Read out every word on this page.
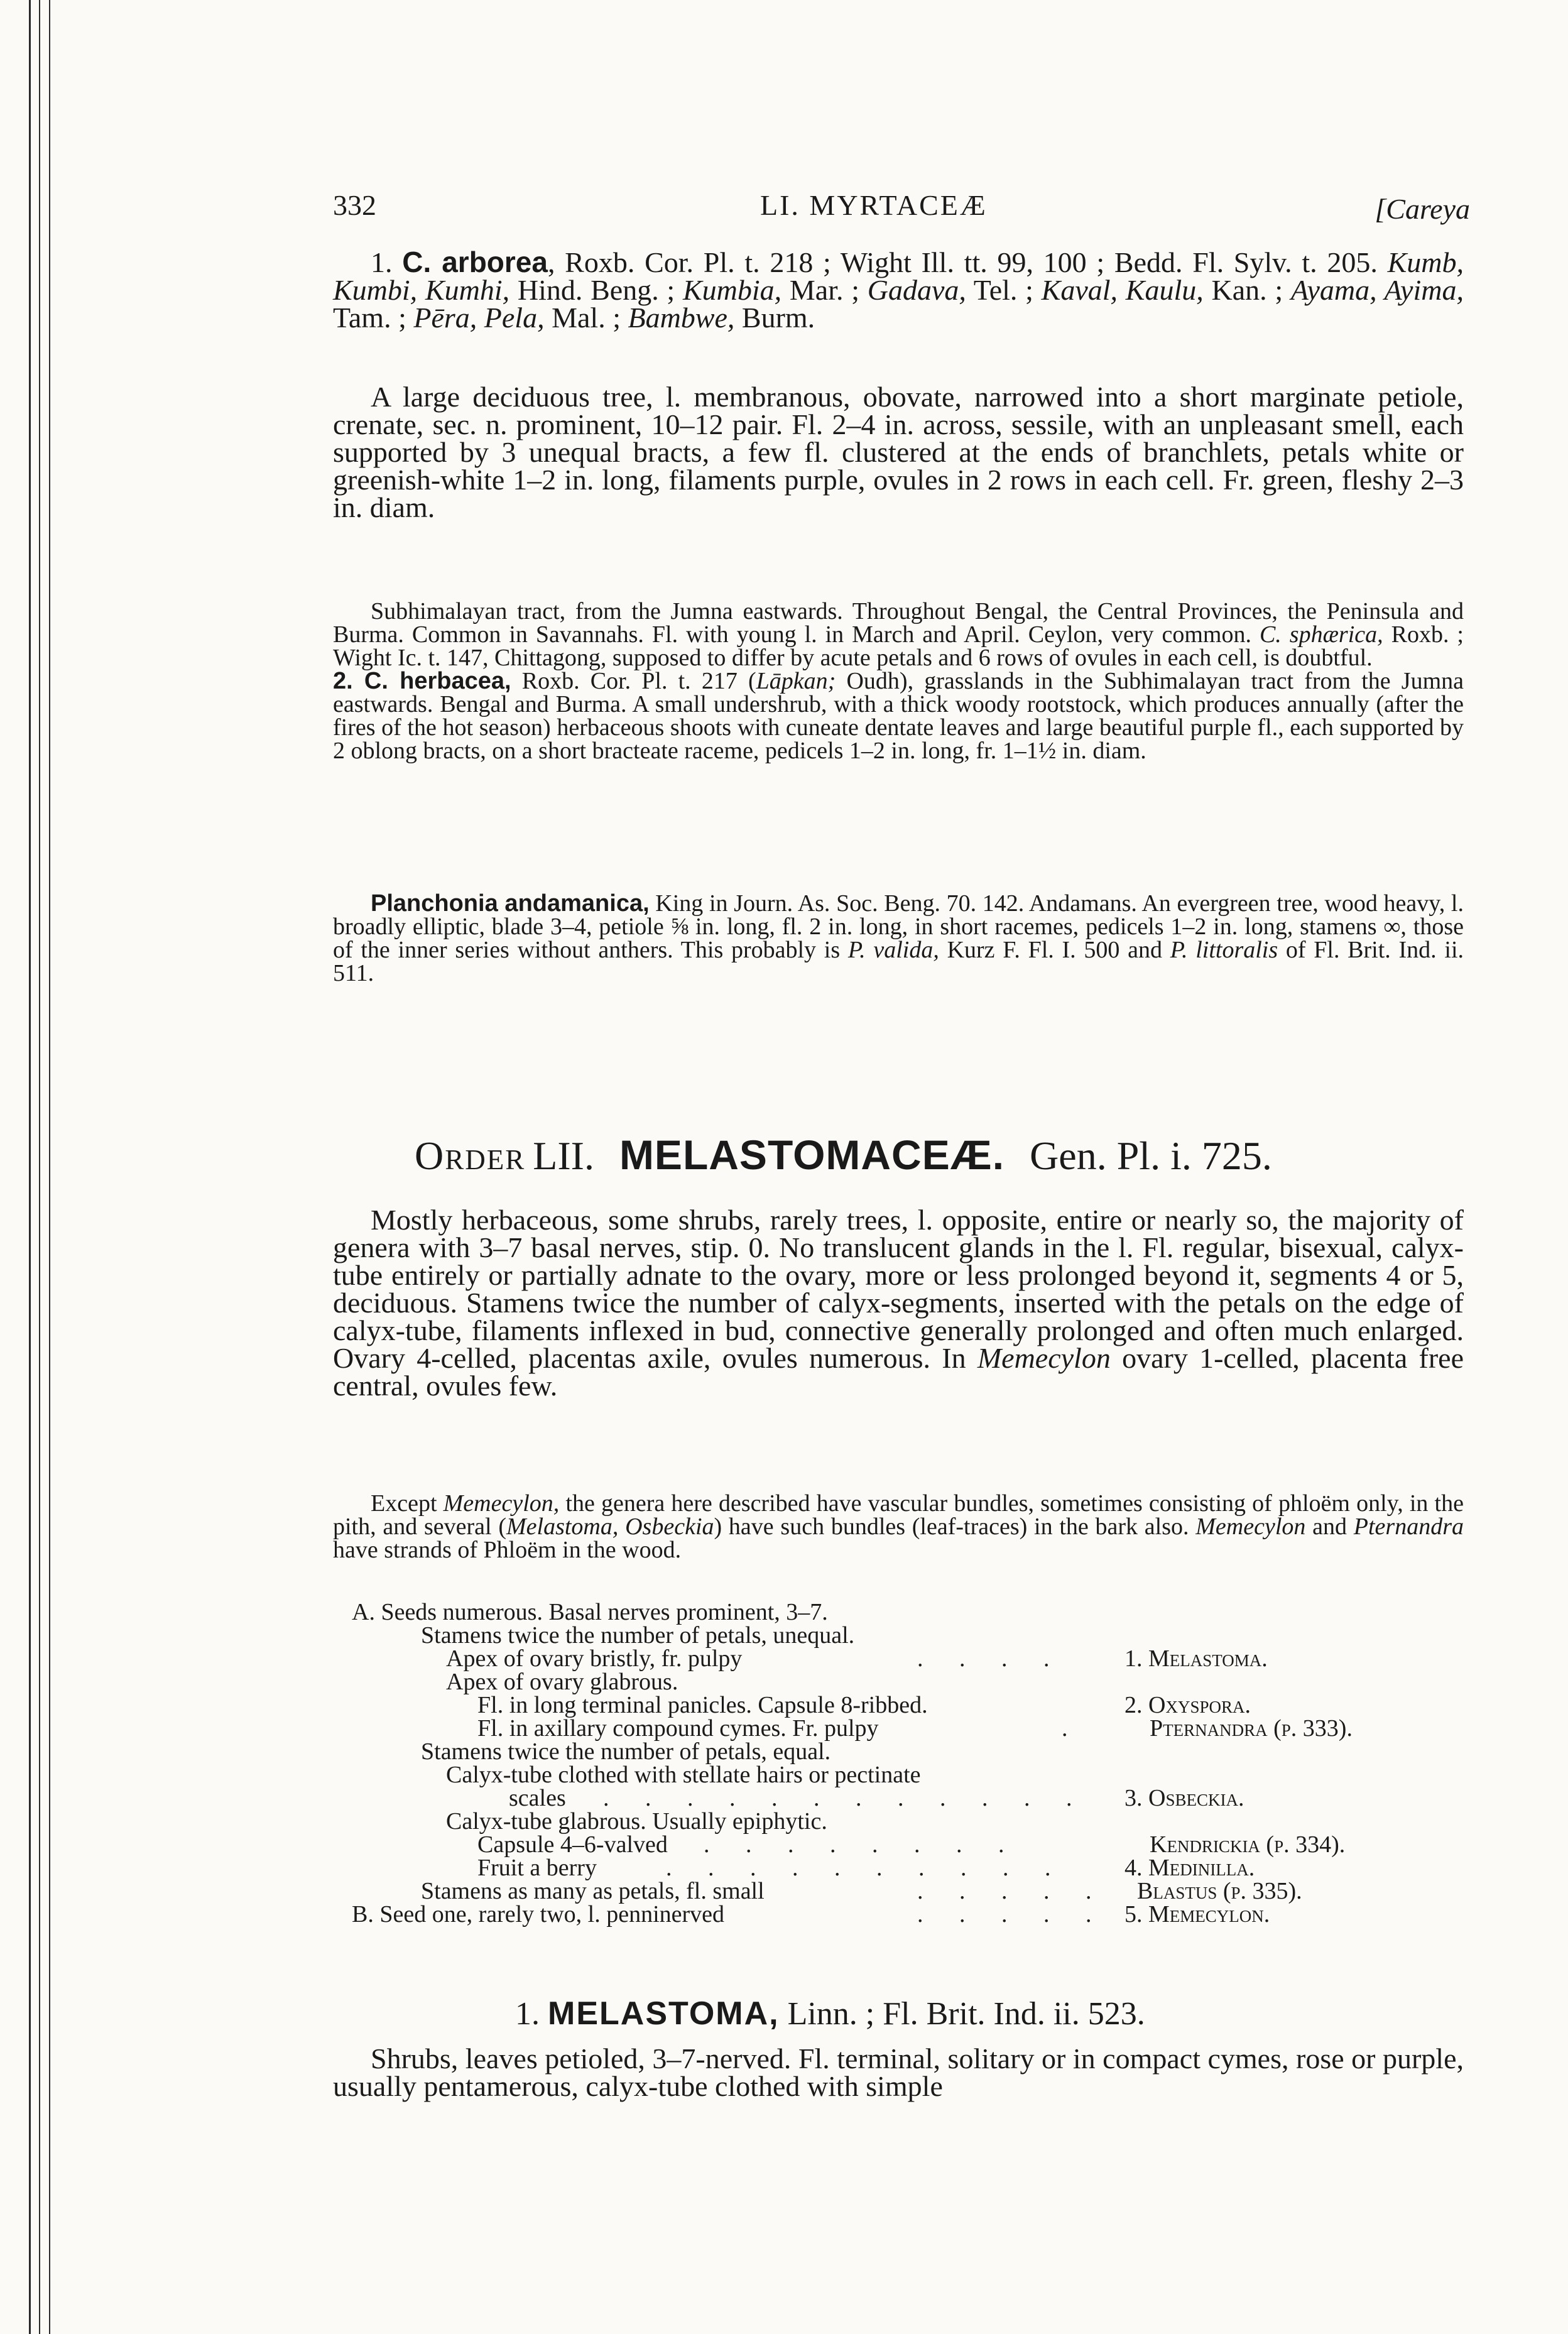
332	LI. MYRTACEÆ	[Careya

1. C. arborea, Roxb. Cor. Pl. t. 218 ; Wight Ill. tt. 99, 100 ; Bedd. Fl. Sylv. t. 205. Kumb, Kumbi, Kumhi, Hind. Beng. ; Kumbia, Mar. ; Gadava, Tel. ; Kaval, Kaulu, Kan. ; Ayama, Ayima, Tam. ; Pēra, Pela, Mal. ; Bambwe, Burm.

A large deciduous tree, l. membranous, obovate, narrowed into a short marginate petiole, crenate, sec. n. prominent, 10–12 pair. Fl. 2–4 in. across, sessile, with an unpleasant smell, each supported by 3 unequal bracts, a few fl. clustered at the ends of branchlets, petals white or greenish-white 1–2 in. long, filaments purple, ovules in 2 rows in each cell. Fr. green, fleshy 2–3 in. diam.

Subhimalayan tract, from the Jumna eastwards. Throughout Bengal, the Central Provinces, the Peninsula and Burma. Common in Savannahs. Fl. with young l. in March and April. Ceylon, very common. C. sphærica, Roxb. ; Wight Ic. t. 147, Chittagong, supposed to differ by acute petals and 6 rows of ovules in each cell, is doubtful.

2. C. herbacea, Roxb. Cor. Pl. t. 217 (Lāpkan; Oudh), grasslands in the Subhimalayan tract from the Jumna eastwards. Bengal and Burma. A small undershrub, with a thick woody rootstock, which produces annually (after the fires of the hot season) herbaceous shoots with cuneate dentate leaves and large beautiful purple fl., each supported by 2 oblong bracts, on a short bracteate raceme, pedicels 1–2 in. long, fr. 1–1½ in. diam.

Planchonia andamanica, King in Journ. As. Soc. Beng. 70. 142. Andamans. An evergreen tree, wood heavy, l. broadly elliptic, blade 3–4, petiole ⅝ in. long, fl. 2 in. long, in short racemes, pedicels 1–2 in. long, stamens ∞, those of the inner series without anthers. This probably is P. valida, Kurz F. Fl. I. 500 and P. littoralis of Fl. Brit. Ind. ii. 511.

Order LII. MELASTOMACEÆ. Gen. Pl. i. 725.

Mostly herbaceous, some shrubs, rarely trees, l. opposite, entire or nearly so, the majority of genera with 3–7 basal nerves, stip. 0. No translucent glands in the l. Fl. regular, bisexual, calyx-tube entirely or partially adnate to the ovary, more or less prolonged beyond it, segments 4 or 5, deciduous. Stamens twice the number of calyx-segments, inserted with the petals on the edge of calyx-tube, filaments inflexed in bud, connective generally prolonged and often much enlarged. Ovary 4-celled, placentas axile, ovules numerous. In Memecylon ovary 1-celled, placenta free central, ovules few.

Except Memecylon, the genera here described have vascular bundles, sometimes consisting of phloëm only, in the pith, and several (Melastoma, Osbeckia) have such bundles (leaf-traces) in the bark also. Memecylon and Pternandra have strands of Phloëm in the wood.

A. Seeds numerous. Basal nerves prominent, 3–7.
Stamens twice the number of petals, unequal.
Apex of ovary bristly, fr. pulpy	. . . .	1. Melastoma.
Apex of ovary glabrous.
Fl. in long terminal panicles. Capsule 8-ribbed.	2. Oxyspora.
Fl. in axillary compound cymes. Fr. pulpy	.	Pternandra (p. 333).
Stamens twice the number of petals, equal.
Calyx-tube clothed with stellate hairs or pectinate
scales . . . . . . . . . . . . 3. Osbeckia.
Calyx-tube glabrous. Usually epiphytic.
Capsule 4–6-valved . . . . . . . .	Kendrickia (p. 334).
Fruit a berry	. . . . . . . . . . 4. Medinilla.
Stamens as many as petals, fl. small	. . . . . Blastus (p. 335).
B. Seed one, rarely two, l. penninerved	. . . . . 5. Memecylon.
1. MELASTOMA, Linn. ; Fl. Brit. Ind. ii. 523.

Shrubs, leaves petioled, 3–7-nerved. Fl. terminal, solitary or in compact cymes, rose or purple, usually pentamerous, calyx-tube clothed with simple
